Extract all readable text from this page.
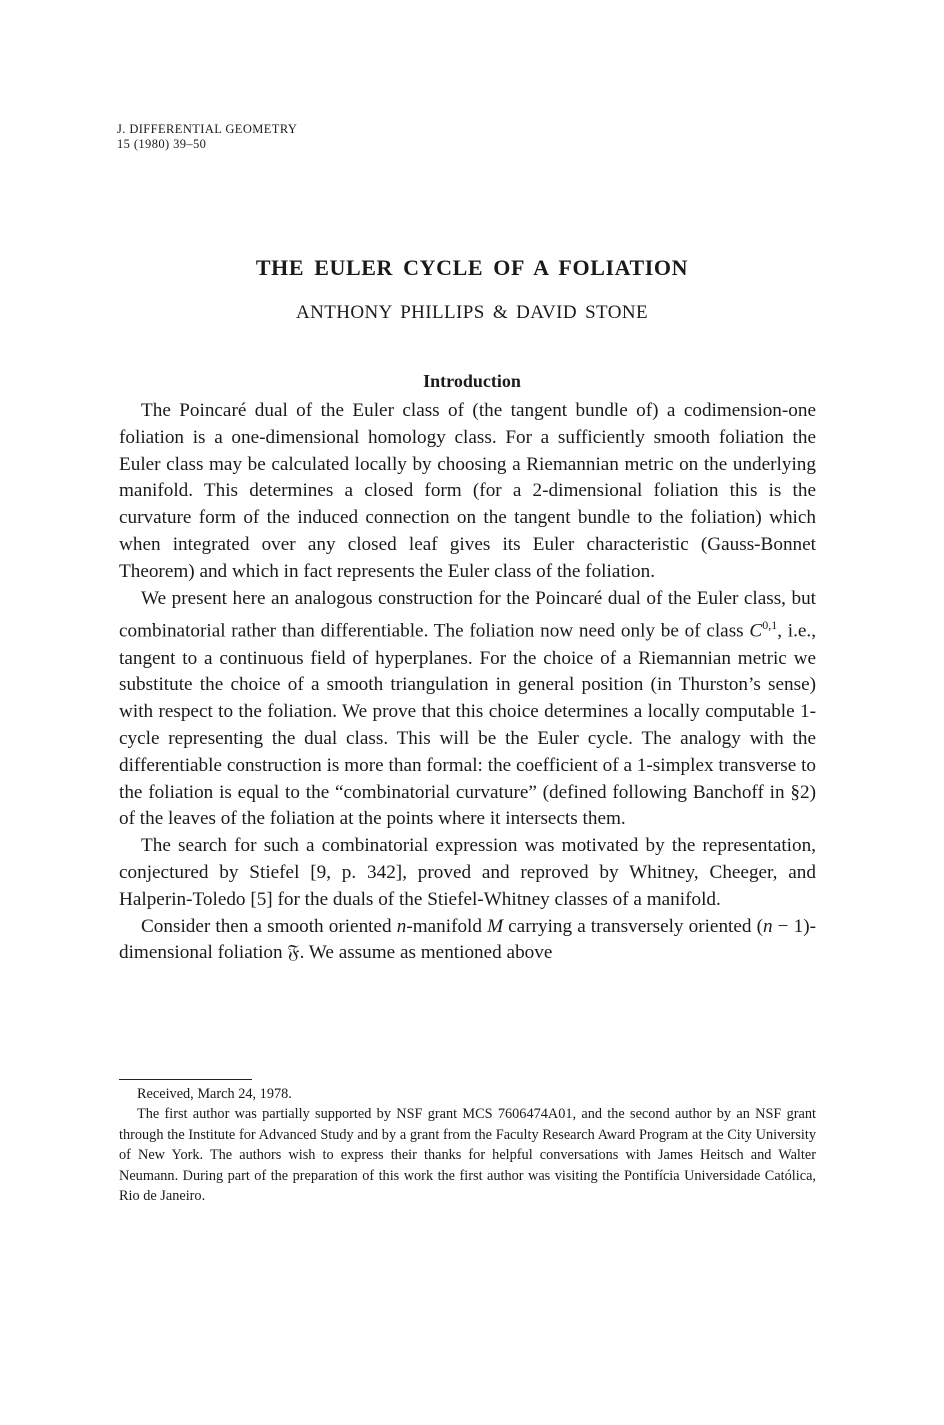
J. DIFFERENTIAL GEOMETRY
15 (1980) 39–50
THE EULER CYCLE OF A FOLIATION
ANTHONY PHILLIPS & DAVID STONE
Introduction

The Poincaré dual of the Euler class of (the tangent bundle of) a codimension-one foliation is a one-dimensional homology class. For a sufficiently smooth foliation the Euler class may be calculated locally by choosing a Riemannian metric on the underlying manifold. This determines a closed form (for a 2-dimensional foliation this is the curvature form of the induced connection on the tangent bundle to the foliation) which when integrated over any closed leaf gives its Euler characteristic (Gauss-Bonnet Theorem) and which in fact represents the Euler class of the foliation.

We present here an analogous construction for the Poincaré dual of the Euler class, but combinatorial rather than differentiable. The foliation now need only be of class C$^{0,1}$, i.e., tangent to a continuous field of hyperplanes. For the choice of a Riemannian metric we substitute the choice of a smooth triangulation in general position (in Thurston’s sense) with respect to the foliation. We prove that this choice determines a locally computable 1-cycle representing the dual class. This will be the Euler cycle. The analogy with the differentiable construction is more than formal: the coefficient of a 1-simplex transverse to the foliation is equal to the “combinatorial curvature” (defined following Banchoff in §2) of the leaves of the foliation at the points where it intersects them.

The search for such a combinatorial expression was motivated by the representation, conjectured by Stiefel [9, p. 342], proved and reproved by Whitney, Cheeger, and Halperin-Toledo [5] for the duals of the Stiefel-Whitney classes of a manifold.

Consider then a smooth oriented n-manifold M carrying a transversely oriented (n − 1)-dimensional foliation 𝔉. We assume as mentioned above

Received, March 24, 1978.

The first author was partially supported by NSF grant MCS 7606474A01, and the second author by an NSF grant through the Institute for Advanced Study and by a grant from the Faculty Research Award Program at the City University of New York. The authors wish to express their thanks for helpful conversations with James Heitsch and Walter Neumann. During part of the preparation of this work the first author was visiting the Pontifícia Universidade Católica, Rio de Janeiro.
